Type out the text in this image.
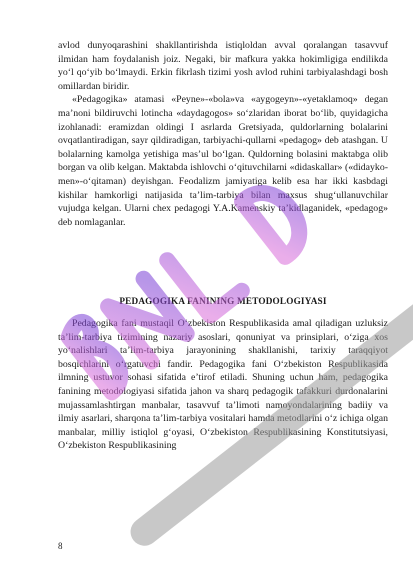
avlod dunyoqarashini shakllantirishda istiqloldan avval qoralangan tasavvuf ilmidan ham foydalanish joiz. Negaki, bir mafkura yakka hokimligiga endilikda yo‘l qo‘yib bo‘lmaydi. Erkin fikrlash tizimi yosh avlod ruhini tarbiyalashdagi bosh omillardan biridir.

«Pedagogika» atamasi «Peyne»-«bola»va «aygogeyn»-«yetaklamoq» degan ma’noni bildiruvchi lotincha «daydagogos» so‘zlaridan iborat bo‘lib, quyidagicha izohlanadi: eramizdan oldingi I asrlarda Gretsiyada, quldorlarning bolalarini ovqatlantiradigan, sayr qildiradigan, tarbiyachi-qullarni «pedagog» deb atashgan. U bolalarning kamolga yetishiga mas’ul bo‘lgan. Quldorning bolasini maktabga olib borgan va olib kelgan. Maktabda ishlovchi o‘qituvchilarni «didaskallar» («didayko-men»-o‘qitaman) deyishgan. Feodalizm jamiyatiga kelib esa har ikki kasbdagi kishilar hamkorligi natijasida ta’lim-tarbiya bilan maxsus shug‘ullanuvchilar vujudga kelgan. Ularni chex pedagogi Y.A.Kamenskiy ta’kidlaganidek, «pedagog» deb nomlaganlar.

PEDAGOGIKA FANINING METODOLOGIYASI

Pedagogika fani mustaqil O‘zbekiston Respublikasida amal qiladigan uzluksiz ta’lim-tarbiya tizimining nazariy asoslari, qonuniyat va prinsiplari, o‘ziga xos yo‘nalishlari ta’lim-tarbiya jarayonining shakllanishi, tarixiy taraqqiyot bosqichlarini o‘rgatuvchi fandir. Pedagogika fani O‘zbekiston Respublikasida ilmning ustuvor sohasi sifatida e’tirof etiladi. Shuning uchun ham, pedagogika fanining metodologiyasi sifatida jahon va sharq pedagogik tafakkuri durdonalarini mujassamlashtirgan manbalar, tasavvuf ta’limoti namoyondalarining badiiy va ilmiy asarlari, sharqona ta’lim-tarbiya vositalari hamda metodlarini o‘z ichiga olgan manbalar, milliy istiqlol g‘oyasi, O‘zbekiston Respublikasining Konstitutsiyasi, O‘zbekiston Respublikasining

8
